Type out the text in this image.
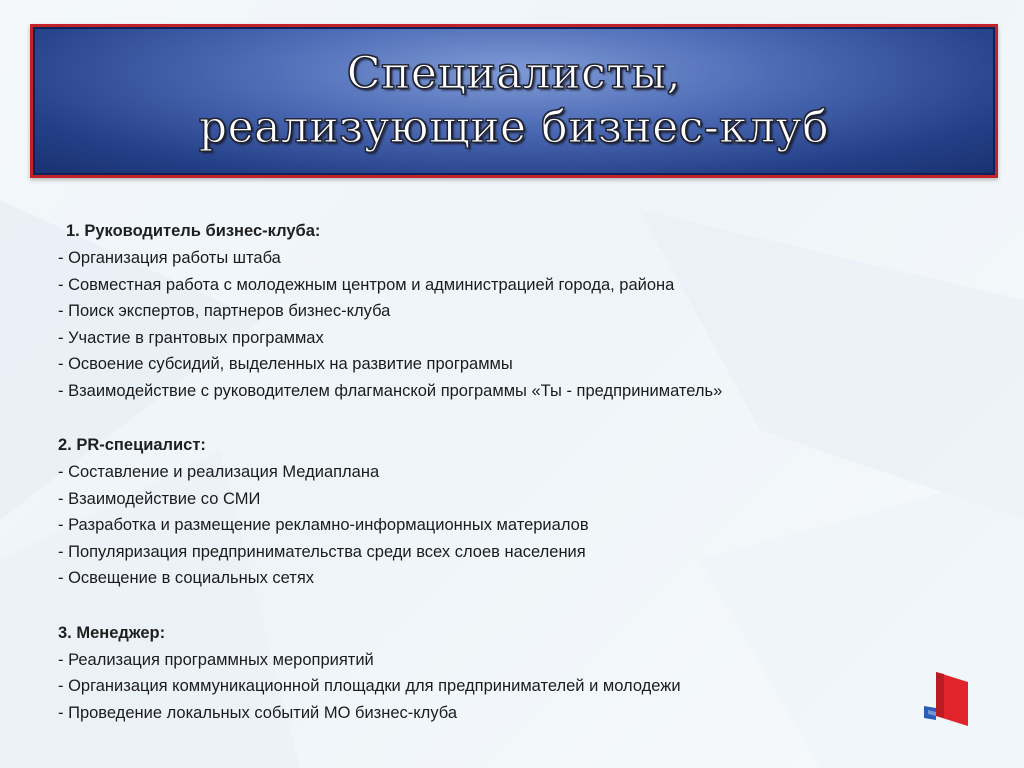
Специалисты,
реализующие бизнес-клуб
1. Руководитель бизнес-клуба:
- Организация работы штаба
- Совместная работа с молодежным центром и администрацией города, района
- Поиск экспертов, партнеров бизнес-клуба
- Участие в грантовых программах
- Освоение субсидий, выделенных на развитие программы
- Взаимодействие с руководителем флагманской программы «Ты - предприниматель»
2. PR-специалист:
- Составление и реализация Медиаплана
- Взаимодействие со СМИ
- Разработка и размещение рекламно-информационных материалов
- Популяризация предпринимательства среди всех слоев населения
- Освещение в социальных сетях
3. Менеджер:
- Реализация программных мероприятий
- Организация коммуникационной площадки для предпринимателей и молодежи
- Проведение локальных событий МО бизнес-клуба
